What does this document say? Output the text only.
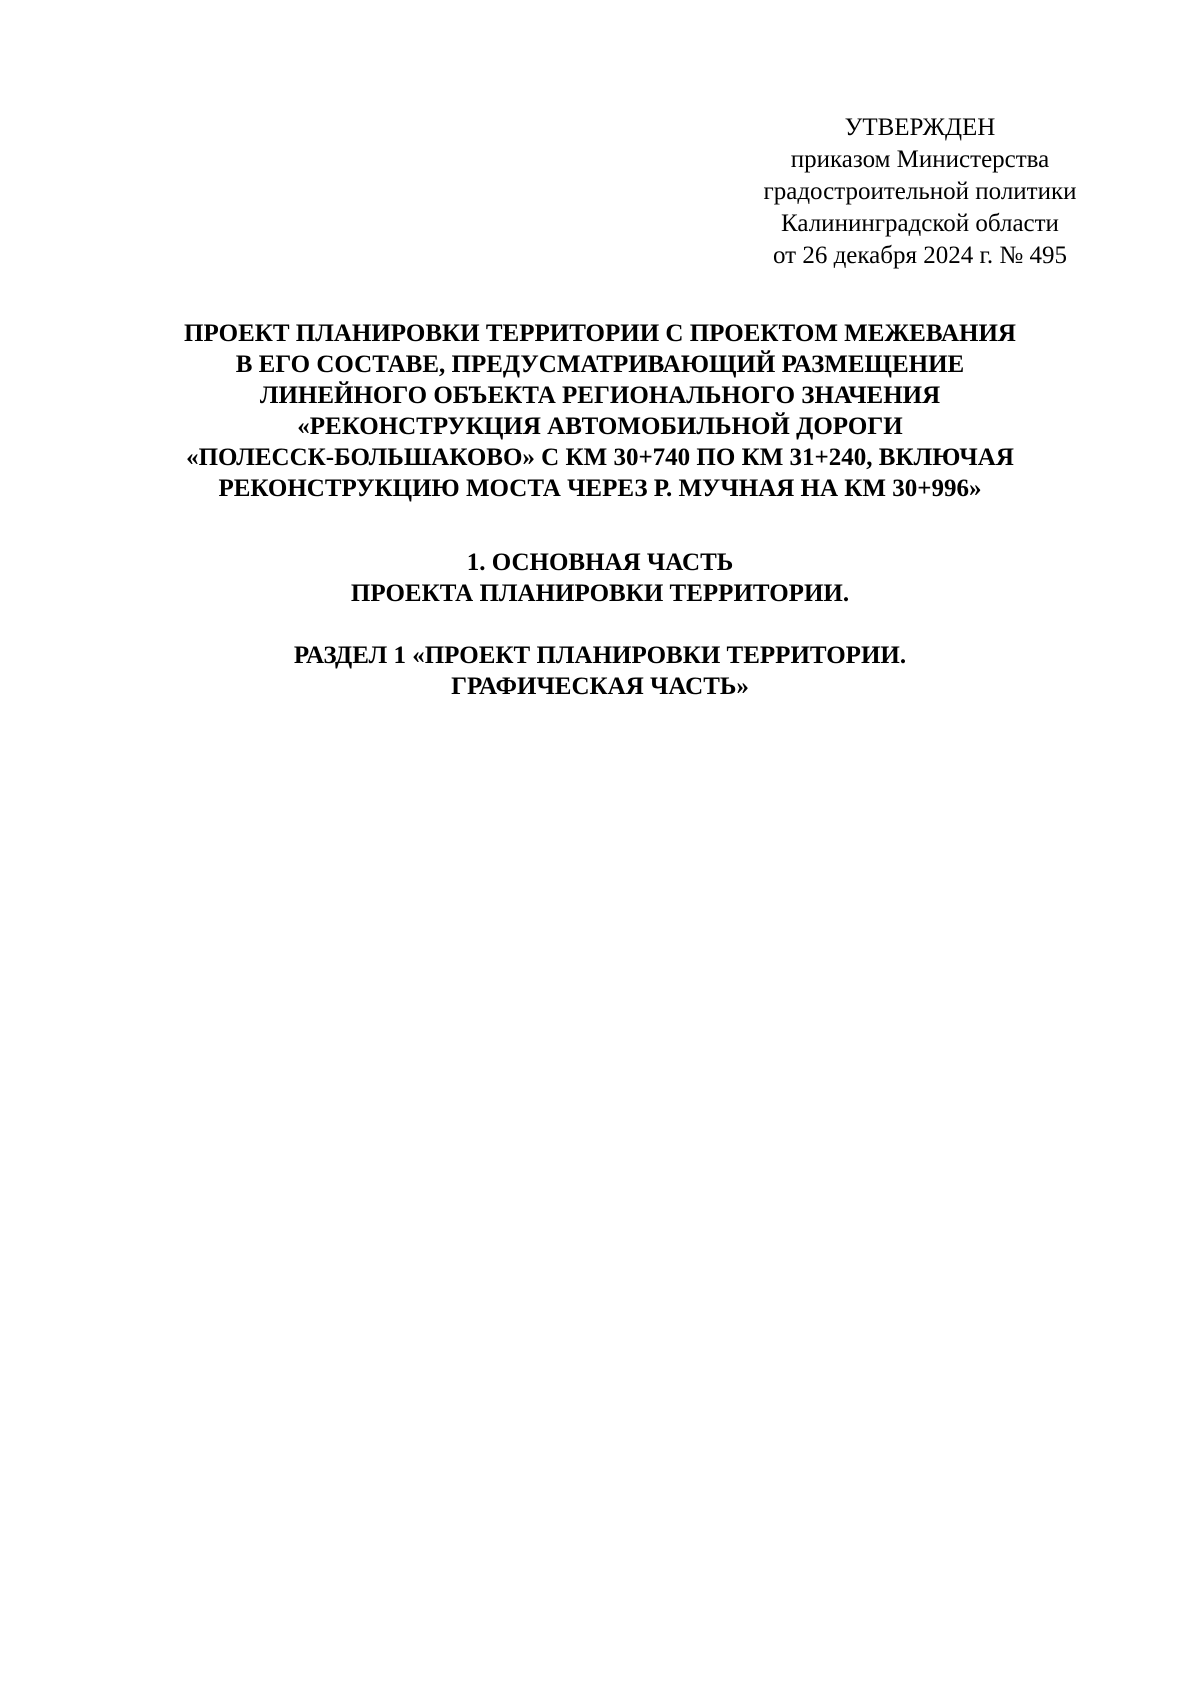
УТВЕРЖДЕН
приказом Министерства
градостроительной политики
Калининградской области
от 26 декабря 2024 г. № 495
ПРОЕКТ ПЛАНИРОВКИ ТЕРРИТОРИИ С ПРОЕКТОМ МЕЖЕВАНИЯ
В ЕГО СОСТАВЕ, ПРЕДУСМАТРИВАЮЩИЙ РАЗМЕЩЕНИЕ
ЛИНЕЙНОГО ОБЪЕКТА РЕГИОНАЛЬНОГО ЗНАЧЕНИЯ
«РЕКОНСТРУКЦИЯ АВТОМОБИЛЬНОЙ ДОРОГИ
«ПОЛЕССК-БОЛЬШАКОВО» С КМ 30+740 ПО КМ 31+240, ВКЛЮЧАЯ
РЕКОНСТРУКЦИЮ МОСТА ЧЕРЕЗ Р. МУЧНАЯ НА КМ 30+996»
1. ОСНОВНАЯ ЧАСТЬ
ПРОЕКТА ПЛАНИРОВКИ ТЕРРИТОРИИ.
РАЗДЕЛ 1 «ПРОЕКТ ПЛАНИРОВКИ ТЕРРИТОРИИ.
ГРАФИЧЕСКАЯ ЧАСТЬ»
